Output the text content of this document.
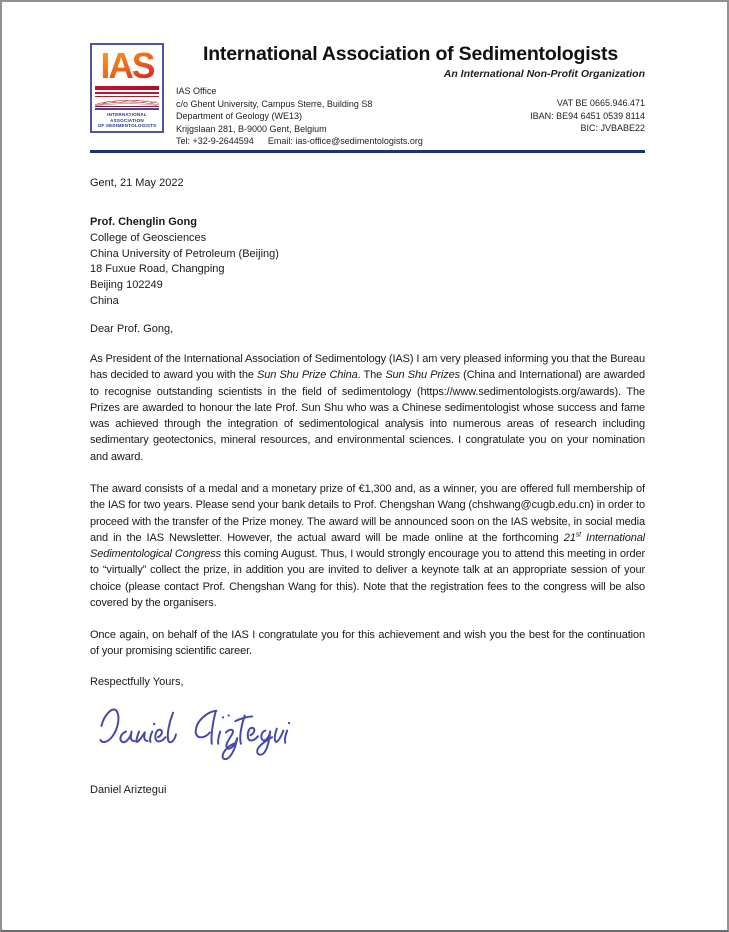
IAS
INTERNATIONAL ASSOCIATION
OF SEDIMENTOLOGISTS
International Association of Sedimentologists
An International Non-Profit Organization
IAS Office
c/o Ghent University, Campus Sterre, Building S8
Department of Geology (WE13)
Krijgslaan 281, B-9000 Gent, Belgium
Tel: +32-9-2644594 Email: ias-office@sedimentologists.org
VAT BE 0665.946.471
IBAN: BE94 6451 0539 8114
BIC: JVBABE22
Gent, 21 May 2022
Prof. Chenglin Gong
College of Geosciences
China University of Petroleum (Beijing)
18 Fuxue Road, Changping
Beijing 102249
China
Dear Prof. Gong,

As President of the International Association of Sedimentology (IAS) I am very pleased informing you that the Bureau has decided to award you with the Sun Shu Prize China. The Sun Shu Prizes (China and International) are awarded to recognise outstanding scientists in the field of sedimentology (https://www.sedimentologists.org/awards). The Prizes are awarded to honour the late Prof. Sun Shu who was a Chinese sedimentologist whose success and fame was achieved through the integration of sedimentological analysis into numerous areas of research including sedimentary geotectonics, mineral resources, and environmental sciences. I congratulate you on your nomination and award.

The award consists of a medal and a monetary prize of €1,300 and, as a winner, you are offered full membership of the IAS for two years. Please send your bank details to Prof. Chengshan Wang (chshwang@cugb.edu.cn) in order to proceed with the transfer of the Prize money. The award will be announced soon on the IAS website, in social media and in the IAS Newsletter. However, the actual award will be made online at the forthcoming 21st International Sedimentological Congress this coming August. Thus, I would strongly encourage you to attend this meeting in order to “virtually” collect the prize, in addition you are invited to deliver a keynote talk at an appropriate session of your choice (please contact Prof. Chengshan Wang for this). Note that the registration fees to the congress will be also covered by the organisers.

Once again, on behalf of the IAS I congratulate you for this achievement and wish you the best for the continuation of your promising scientific career.

Respectfully Yours,
Daniel Ariztegui
